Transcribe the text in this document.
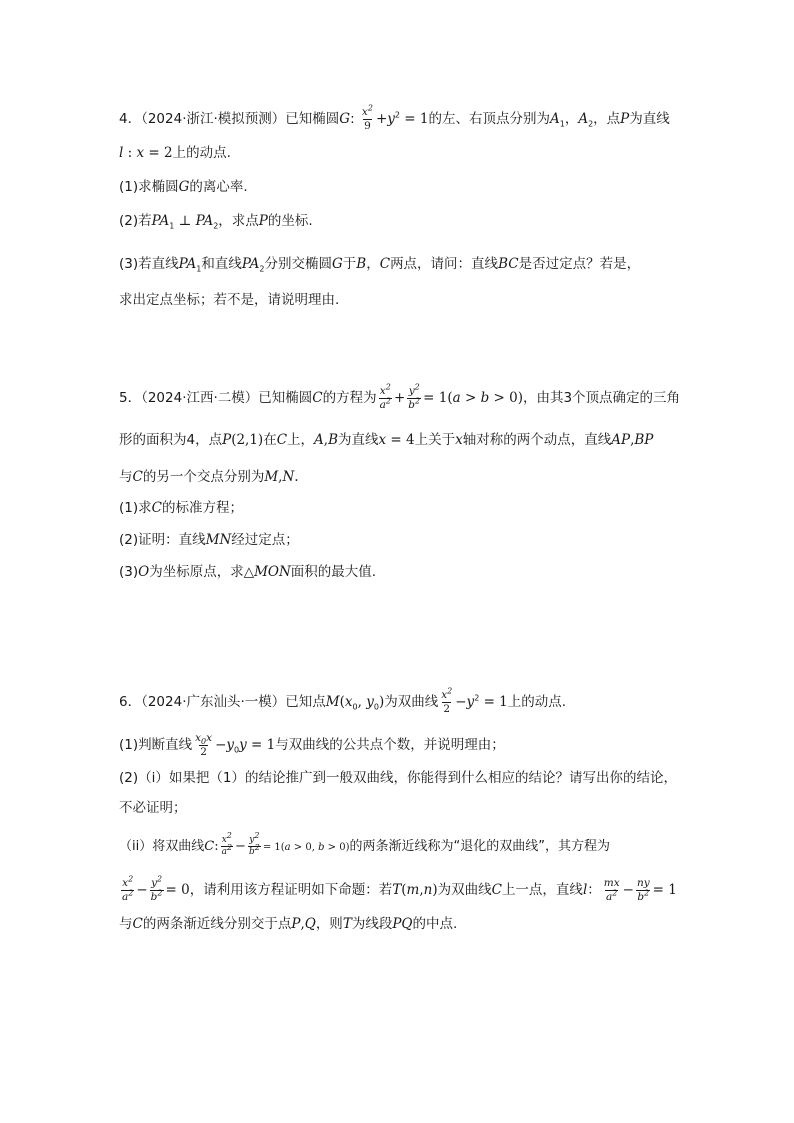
4．（2024·浙江·模拟预测）已知椭圆G: $\frac{x^2}{9} +y^2 = 1$的左、右顶点分别为$A_1$，$A_2$，点P为直线
l : x = 2上的动点.
(1)求椭圆G的离心率.
(2)若$PA_1$ ⊥ $PA_2$，求点P的坐标.
(3)若直线$PA_1$和直线$PA_2$分别交椭圆G于B，C两点，请问：直线BC是否过定点？若是，
求出定点坐标；若不是，请说明理由.
5．（2024·江西·二模）已知椭圆C的方程为 $\frac{x^2}{a^2} + \frac{y^2}{b^2} = 1(a > b > 0)$，由其3个顶点确定的三角
形的面积为4，点P(2,1)在C上，A,B为直线x = 4上关于x轴对称的两个动点，直线AP,BP
与C的另一个交点分别为M,N.
(1)求C的标准方程；
(2)证明：直线MN经过定点；
(3)O为坐标原点，求△MON面积的最大值.
6．（2024·广东汕头·一模）已知点$M(x_0$, $y_0$)为双曲线 $\frac{x^2}{2} -y^2 = 1$上的动点.
(1)判断直线 $\frac{x_0x}{2} -y_0y = 1$与双曲线的公共点个数，并说明理由；
(2)（i）如果把（1）的结论推广到一般双曲线，你能得到什么相应的结论？请写出你的结论，
不必证明；
（ii）将双曲线C: $\frac{x^2}{a^2} - \frac{y^2}{b^2} = 1(a > 0$, b > 0)的两条渐近线称为“退化的双曲线”，其方程为
$\frac{x^2}{a^2} - \frac{y^2}{b^2} = 0$，请利用该方程证明如下命题：若T(m,n)为双曲线C上一点，直线l： $\frac{mx}{a^2} - \frac{ny}{b^2} = 1$
与C的两条渐近线分别交于点P,Q，则T为线段PQ的中点.
